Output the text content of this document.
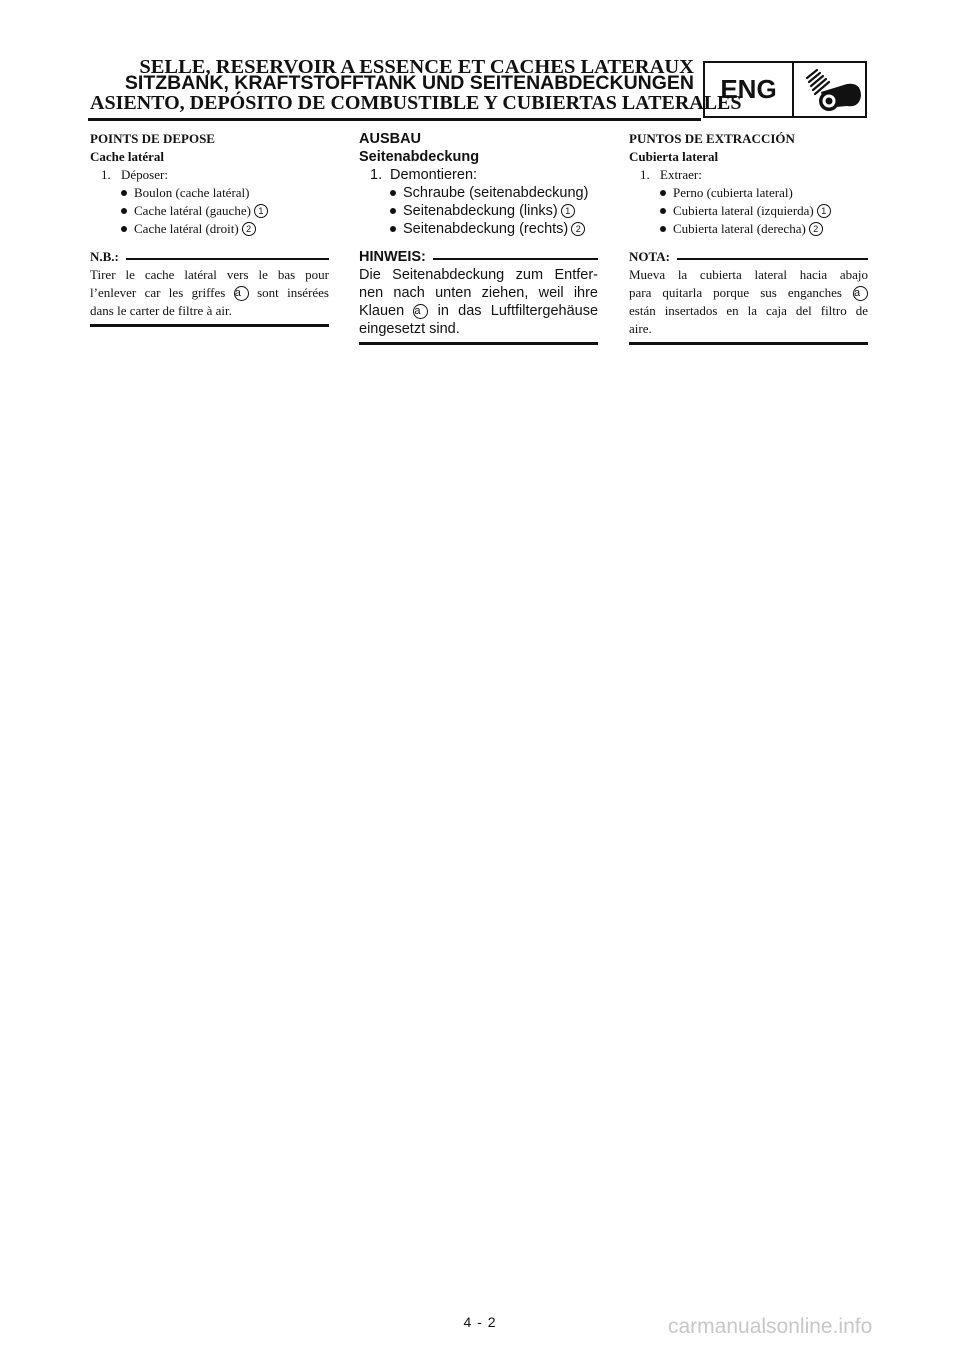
SELLE, RESERVOIR A ESSENCE ET CACHES LATERAUX
SITZBANK, KRAFTSTOFFTANK UND SEITENABDECKUNGEN
ASIENTO, DEPÓSITO DE COMBUSTIBLE Y CUBIERTAS LATERALES
ENG

POINTS DE DEPOSE

Cache latéral

1. Déposer:

Boulon (cache latéral)

Cache latéral (gauche) 1

Cache latéral (droit) 2

N.B.:
Tirer le cache latéral vers le bas pour
l’enlever car les griffes a sont insérées
dans le carter de filtre à air.

AUSBAU

Seitenabdeckung

1. Demontieren:

Schraube (seitenabdeckung)

Seitenabdeckung (links) 1

Seitenabdeckung (rechts) 2

HINWEIS:
Die Seitenabdeckung zum Entfer-
nen nach unten ziehen, weil ihre
Klauen a in das Luftfiltergehäuse
eingesetzt sind.

PUNTOS DE EXTRACCIÓN

Cubierta lateral

1. Extraer:

Perno (cubierta lateral)

Cubierta lateral (izquierda) 1

Cubierta lateral (derecha) 2

NOTA:
Mueva la cubierta lateral hacia abajo
para quitarla porque sus enganches a
están insertados en la caja del filtro de
aire.
4 - 2	carmanualsonline.info
